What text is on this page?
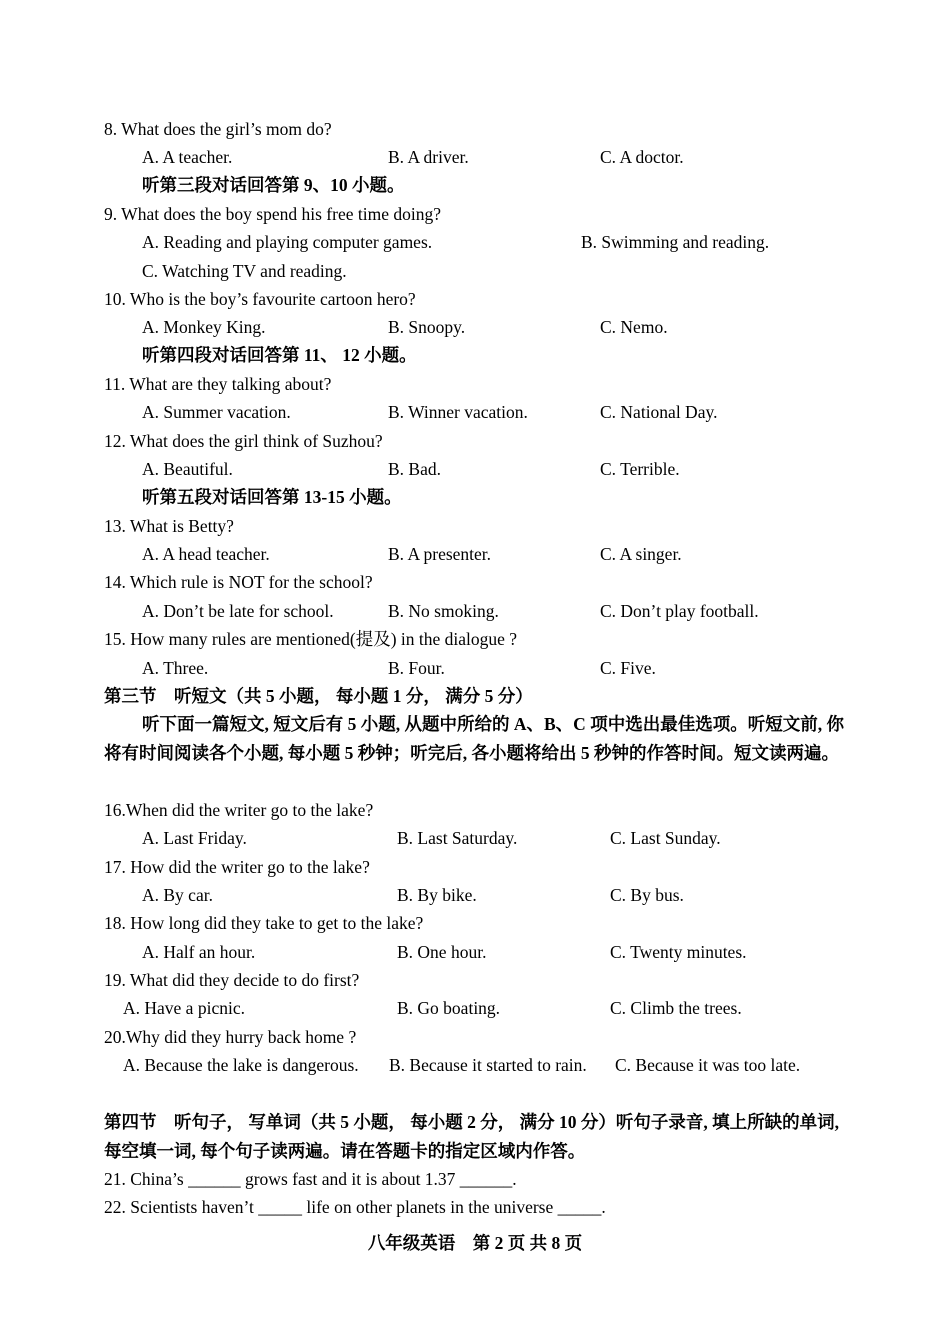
8. What does the girl’s mom do?
A. A teacher.	B. A driver.	C. A doctor.
听第三段对话回答第 9、10 小题。
9. What does the boy spend his free time doing?
A. Reading and playing computer games.	B. Swimming and reading.
C. Watching TV and reading.
10. Who is the boy’s favourite cartoon hero?
A. Monkey King.	B. Snoopy.	C. Nemo.
听第四段对话回答第 11、 12 小题。
11. What are they talking about?
A. Summer vacation.	B. Winner vacation.	C. National Day.
12. What does the girl think of Suzhou?
A. Beautiful.	B. Bad.	C. Terrible.
听第五段对话回答第 13-15 小题。
13. What is Betty?
A. A head teacher.	B. A presenter.	C. A singer.
14. Which rule is NOT for the school?
A. Don’t be late for school.	B. No smoking.	C. Don’t play football.
15. How many rules are mentioned(提及) in the dialogue ?
A. Three.	B. Four.	C. Five.
第三节　听短文（共 5 小题， 每小题 1 分， 满分 5 分）
听下面一篇短文, 短文后有 5 小题, 从题中所给的 A、B、C 项中选出最佳选项。听短文前, 你将有时间阅读各个小题, 每小题 5 秒钟；听完后, 各小题将给出 5 秒钟的作答时间。短文读两遍。
16.When did the writer go to the lake?
A. Last Friday.	B. Last Saturday.	C. Last Sunday.
17. How did the writer go to the lake?
A. By car.	B. By bike.	C. By bus.
18. How long did they take to get to the lake?
A. Half an hour.	B. One hour.	C. Twenty minutes.
19. What did they decide to do first?
A. Have a picnic.	B. Go boating.	C. Climb the trees.
20.Why did they hurry back home ?
A. Because the lake is dangerous. B. Because it started to rain. C. Because it was too late.
第四节　听句子， 写单词（共 5 小题， 每小题 2 分， 满分 10 分）听句子录音, 填上所缺的单词, 每空填一词, 每个句子读两遍。请在答题卡的指定区域内作答。
21. China’s ______ grows fast and it is about 1.37 ______.
22. Scientists haven’t _____ life on other planets in the universe _____.
八年级英语　第 2 页 共 8 页
